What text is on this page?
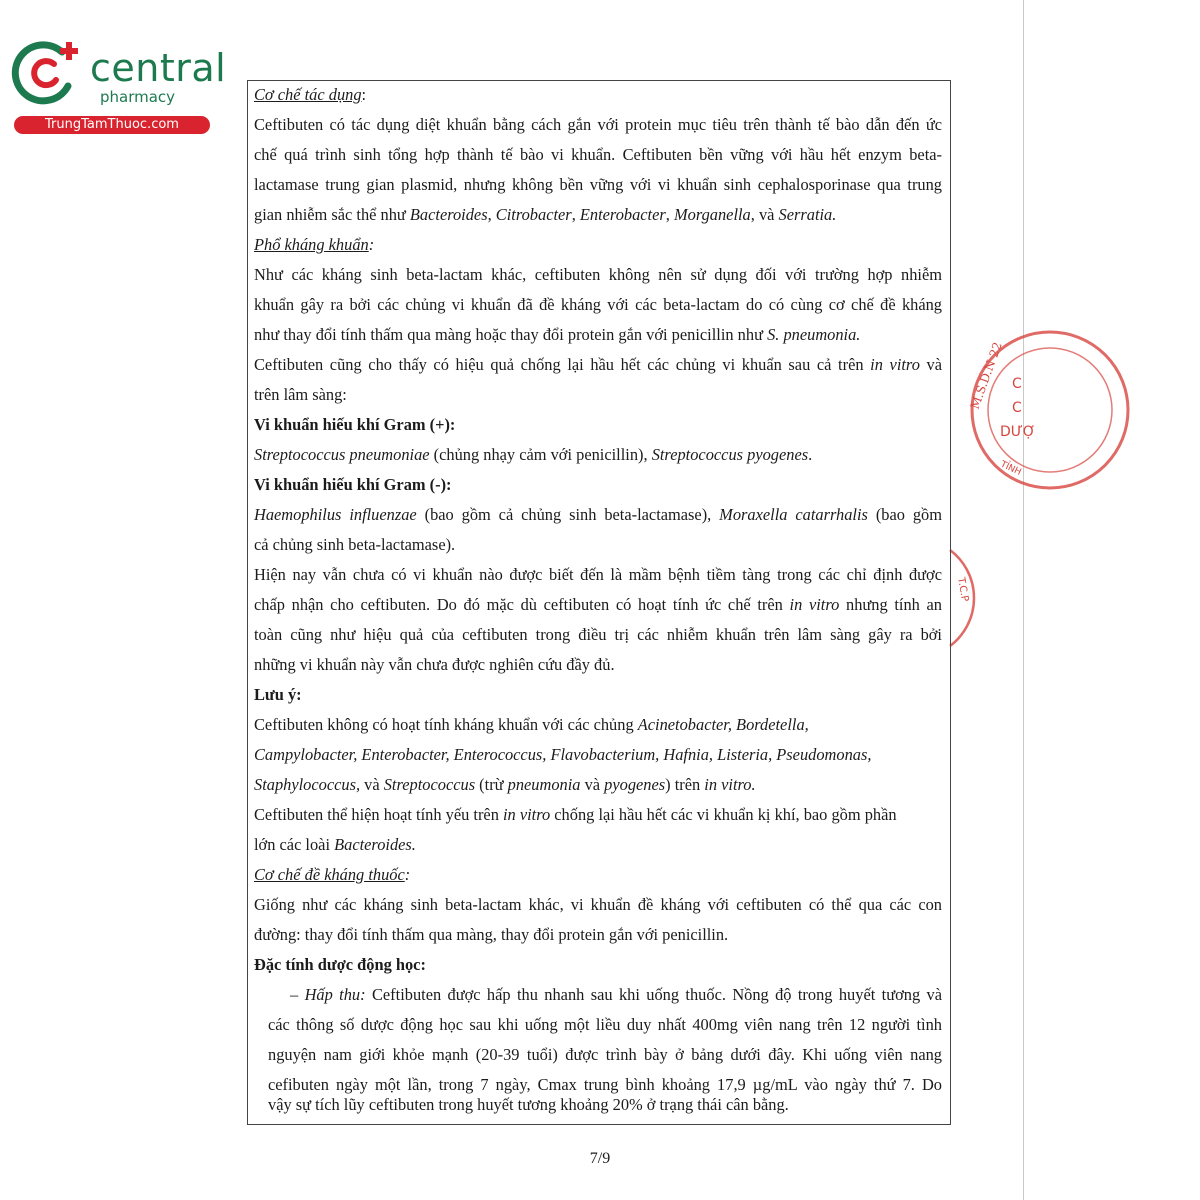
central
pharmacy
TrungTamThuoc.com
M.S.D.N 22 C
C
DƯỢ
TỈNH
T.C.P
Cơ chế tác dụng:
Ceftibuten có tác dụng diệt khuẩn bằng cách gắn với protein mục tiêu trên thành tế bào dẫn đến ức
chế quá trình sinh tổng hợp thành tế bào vi khuẩn. Ceftibuten bền vững với hầu hết enzym beta-
lactamase trung gian plasmid, nhưng không bền vững với vi khuẩn sinh cephalosporinase qua trung
gian nhiễm sắc thể như Bacteroides, Citrobacter, Enterobacter, Morganella, và Serratia.
Phổ kháng khuẩn:
Như các kháng sinh beta-lactam khác, ceftibuten không nên sử dụng đối với trường hợp nhiễm
khuẩn gây ra bởi các chủng vi khuẩn đã đề kháng với các beta-lactam do có cùng cơ chế đề kháng
như thay đổi tính thấm qua màng hoặc thay đổi protein gắn với penicillin như S. pneumonia.
Ceftibuten cũng cho thấy có hiệu quả chống lại hầu hết các chủng vi khuẩn sau cả trên in vitro và
trên lâm sàng:
Vi khuẩn hiếu khí Gram (+):
Streptococcus pneumoniae (chủng nhạy cảm với penicillin), Streptococcus pyogenes.
Vi khuẩn hiếu khí Gram (-):
Haemophilus influenzae (bao gồm cả chủng sinh beta-lactamase), Moraxella catarrhalis (bao gồm
cả chủng sinh beta-lactamase).
Hiện nay vẫn chưa có vi khuẩn nào được biết đến là mầm bệnh tiềm tàng trong các chỉ định được
chấp nhận cho ceftibuten. Do đó mặc dù ceftibuten có hoạt tính ức chế trên in vitro nhưng tính an
toàn cũng như hiệu quả của ceftibuten trong điều trị các nhiễm khuẩn trên lâm sàng gây ra bởi
những vi khuẩn này vẫn chưa được nghiên cứu đầy đủ.
Lưu ý:
Ceftibuten không có hoạt tính kháng khuẩn với các chủng Acinetobacter, Bordetella,
Campylobacter, Enterobacter, Enterococcus, Flavobacterium, Hafnia, Listeria, Pseudomonas,
Staphylococcus, và Streptococcus (trừ pneumonia và pyogenes) trên in vitro.
Ceftibuten thể hiện hoạt tính yếu trên in vitro chống lại hầu hết các vi khuẩn kị khí, bao gồm phần
lớn các loài Bacteroides.
Cơ chế đề kháng thuốc:
Giống như các kháng sinh beta-lactam khác, vi khuẩn đề kháng với ceftibuten có thể qua các con
đường: thay đổi tính thấm qua màng, thay đổi protein gắn với penicillin.
Đặc tính dược động học:
– Hấp thu: Ceftibuten được hấp thu nhanh sau khi uống thuốc. Nồng độ trong huyết tương và
các thông số dược động học sau khi uống một liều duy nhất 400mg viên nang trên 12 người tình
nguyện nam giới khỏe mạnh (20-39 tuổi) được trình bày ở bảng dưới đây. Khi uống viên nang
cefibuten ngày một lần, trong 7 ngày, Cmax trung bình khoảng 17,9 µg/mL vào ngày thứ 7. Do
vậy sự tích lũy ceftibuten trong huyết tương khoảng 20% ở trạng thái cân bằng.
7/9
